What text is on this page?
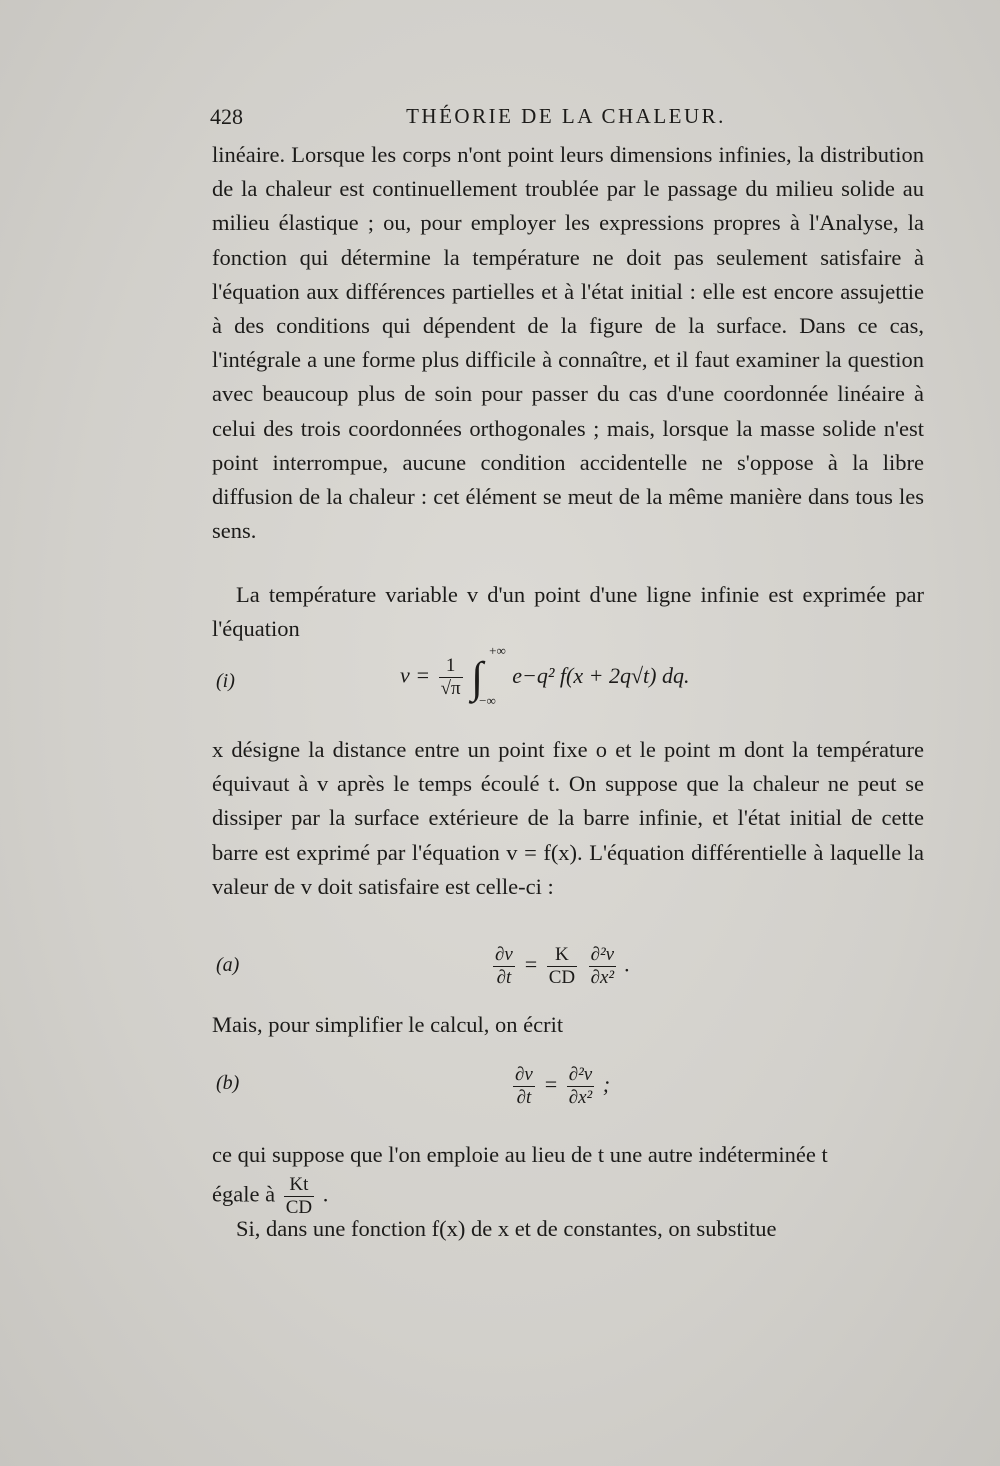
428	THÉORIE DE LA CHALEUR.

linéaire. Lorsque les corps n'ont point leurs dimensions infinies, la distribution de la chaleur est continuellement troublée par le passage du milieu solide au milieu élastique ; ou, pour employer les expressions propres à l'Analyse, la fonction qui détermine la température ne doit pas seulement satisfaire à l'équation aux différences partielles et à l'état initial : elle est encore assujettie à des conditions qui dépendent de la figure de la surface. Dans ce cas, l'intégrale a une forme plus difficile à connaître, et il faut examiner la question avec beaucoup plus de soin pour passer du cas d'une coordonnée linéaire à celui des trois coordonnées orthogonales ; mais, lorsque la masse solide n'est point interrompue, aucune condition accidentelle ne s'oppose à la libre diffusion de la chaleur : cet élément se meut de la même manière dans tous les sens.

La température variable v d'un point d'une ligne infinie est exprimée par l'équation

(i)	$v = \frac{1}{√\pi}$ ∫
+∞
−∞
e−q² f(x + 2q√t) dq.

x désigne la distance entre un point fixe o et le point m dont la température équivaut à v après le temps écoulé t. On suppose que la chaleur ne peut se dissiper par la surface extérieure de la barre infinie, et l'état initial de cette barre est exprimé par l'équation v = f(x). L'équation différentielle à laquelle la valeur de v doit satisfaire est celle-ci :

(a)	$\frac{\partial v}{\partial t} = \frac{K}{CD}$
$\frac{\text{∂²v}}{\text{∂x²}}$ .

Mais, pour simplifier le calcul, on écrit

(b)	$\frac{\partial v}{\partial t} = \frac{\text{∂²v}}{\text{∂x²}}$ ;

ce qui suppose que l'on emploie au lieu de t une autre indéterminée t

égale à $\frac{Kt}{CD}$ .

Si, dans une fonction f(x) de x et de constantes, on substitue
